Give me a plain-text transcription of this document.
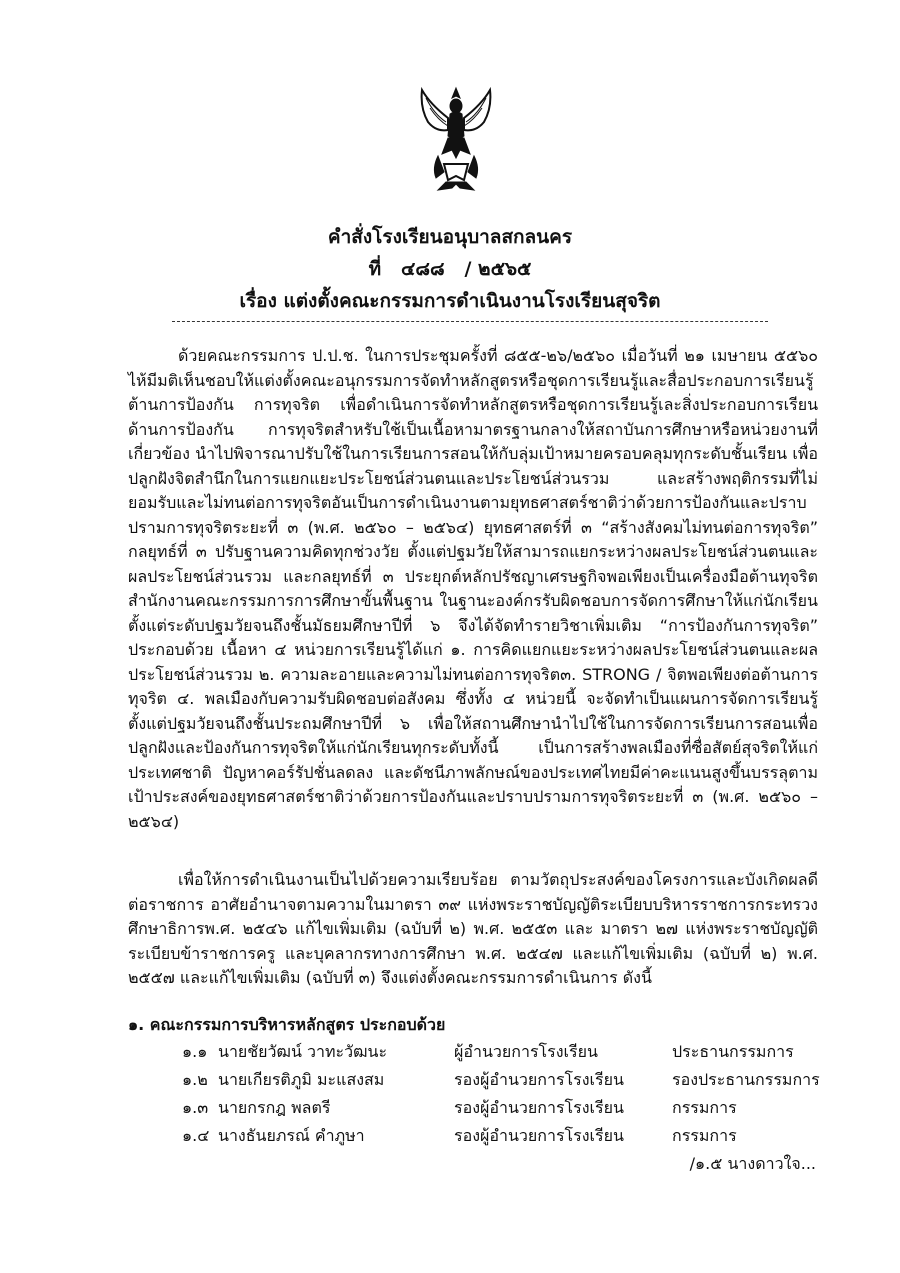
คำสั่งโรงเรียนอนุบาลสกลนคร
ที่   ๔๘๘   / ๒๕๖๕
เรื่อง แต่งตั้งคณะกรรมการดำเนินงานโรงเรียนสุจริต

ด้วยคณะกรรมการ ป.ป.ช. ในการประชุมครั้งที่ ๘๕๕-๒๖/๒๕๖๐ เมื่อวันที่ ๒๑ เมษายน ๕๕๖๐ ไห้มีมติเห็นชอบให้แต่งตั้งคณะอนุกรรมการจัดทำหลักสูตรหรือชุดการเรียนรู้และสื่อประกอบการเรียนรู้ต้านการป้องกัน การทุจริต เพื่อดำเนินการจัดทำหลักสูตรหรือชุดการเรียนรู้เละสิ่งประกอบการเรียน ด้านการป้องกัน การทุจริตสำหรับใช้เป็นเนื้อหามาตรฐานกลางให้สถาบันการศึกษาหรือหน่วยงานที่เกี่ยวข้อง นำไปพิจารณาปรับใช้ในการเรียนการสอนให้กับลุ่มเป้าหมายครอบคลุมทุกระดับชั้นเรียน เพื่อปลูกฝังจิตสำนึกในการแยกแยะประโยชน์ส่วนตนและประโยชน์ส่วนรวม และสร้างพฤติกรรมที่ไม่ยอมรับและไม่ทนต่อการทุจริตอันเป็นการดำเนินงานตามยุทธศาสตร์ชาติว่าด้วยการป้องกันและปราบปรามการทุจริตระยะที่ ๓ (พ.ศ. ๒๕๖๐ – ๒๕๖๔) ยุทธศาสตร์ที่ ๓ “สร้างสังคมไม่ทนต่อการทุจริต” กลยุทธ์ที่ ๓ ปรับฐานความคิดทุกช่วงวัย ตั้งแต่ปฐมวัยให้สามารถแยกระหว่างผลประโยชน์ส่วนตนและผลประโยชน์ส่วนรวม และกลยุทธ์ที่ ๓ ประยุกต์หลักปรัชญาเศรษฐกิจพอเพียงเป็นเครื่องมือต้านทุจริต สำนักงานคณะกรรมการการศึกษาขั้นพื้นฐาน ในฐานะองค์กรรับผิดชอบการจัดการศึกษาให้แก่นักเรียนตั้งแต่ระดับปฐมวัยจนถึงชั้นมัธยมศึกษาปีที่ ๖ จึงได้จัดทำรายวิชาเพิ่มเติม “การป้องกันการทุจริต” ประกอบด้วย เนื้อหา ๔ หน่วยการเรียนรู้ได้แก่ ๑. การคิดแยกแยะระหว่างผลประโยชน์ส่วนตนและผลประโยชน์ส่วนรวม ๒. ความละอายและความไม่ทนต่อการทุจริต๓. STRONG / จิตพอเพียงต่อต้านการทุจริต ๔. พลเมืองกับความรับผิดชอบต่อสังคม ซึ่งทั้ง ๔ หน่วยนี้ จะจัดทำเป็นแผนการจัดการเรียนรู้ตั้งแต่ปฐมวัยจนถึงชั้นประถมศึกษาปีที่ ๖ เพื่อให้สถานศึกษานำไปใช้ในการจัดการเรียนการสอนเพื่อปลูกฝังและป้องกันการทุจริตให้แก่นักเรียนทุกระดับทั้งนี้ เป็นการสร้างพลเมืองที่ซื่อสัตย์สุจริตให้แก่ประเทศชาติ ปัญหาคอร์รัปชั่นลดลง และดัชนีภาพลักษณ์ของประเทศไทยมีค่าคะแนนสูงขึ้นบรรลุตามเป้าประสงค์ของยุทธศาสตร์ชาติว่าด้วยการป้องกันและปราบปรามการทุจริตระยะที่ ๓ (พ.ศ. ๒๕๖๐ – ๒๕๖๔)

เพื่อให้การดำเนินงานเป็นไปด้วยความเรียบร้อย ตามวัตถุประสงค์ของโครงการและบังเกิดผลดีต่อราชการ อาศัยอำนาจตามความในมาตรา ๓๙ แห่งพระราชบัญญัติระเบียบบริหารราชการกระทรวงศึกษาธิการพ.ศ. ๒๕๔๖ แก้ไขเพิ่มเติม (ฉบับที่ ๒) พ.ศ. ๒๕๕๓ และ มาตรา ๒๗ แห่งพระราชบัญญัติระเบียบข้าราชการครู และบุคลากรทางการศึกษา พ.ศ. ๒๕๔๗ และแก้ไขเพิ่มเติม (ฉบับที่ ๒) พ.ศ. ๒๕๕๗ และแก้ไขเพิ่มเติม (ฉบับที่ ๓) จึงแต่งตั้งคณะกรรมการดำเนินการ ดังนี้

๑. คณะกรรมการบริหารหลักสูตร ประกอบด้วย
๑.๑ นายชัยวัฒน์ วาทะวัฒนะ	ผู้อำนวยการโรงเรียน	ประธานกรรมการ
๑.๒ นายเกียรติภูมิ มะแสงสม	รองผู้อำนวยการโรงเรียน	รองประธานกรรมการ
๑.๓ นายกรกฎ พลตรี	รองผู้อำนวยการโรงเรียน	กรรมการ
๑.๔ นางธันยภรณ์ คำภูษา	รองผู้อำนวยการโรงเรียน	กรรมการ
/๑.๕ นางดาวใจ...
